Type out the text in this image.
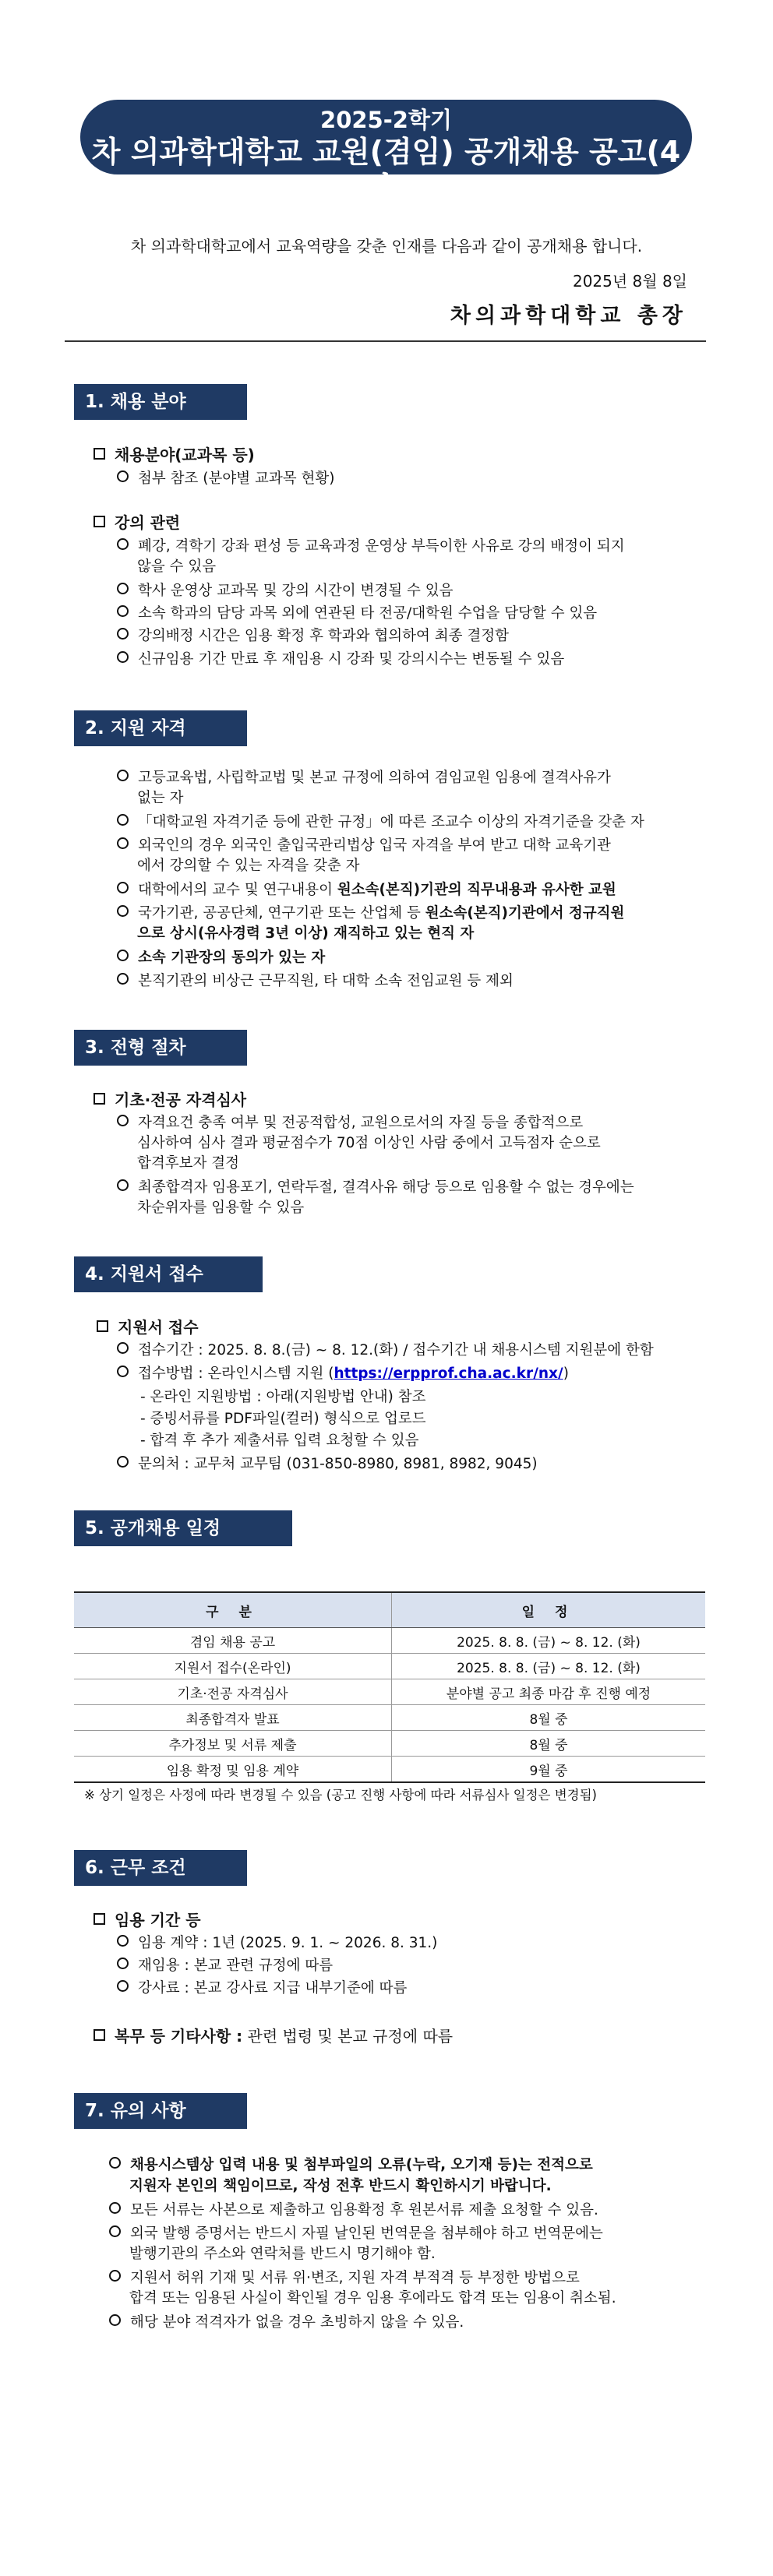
2025-2학기
차 의과학대학교 교원(겸임) 공개채용 공고(4차)
차 의과학대학교에서 교육역량을 갖춘 인재를 다음과 같이 공개채용 합니다.
2025년 8월 8일
차의과학대학교 총장
1. 채용 분야
채용분야(교과목 등)
첨부 참조 (분야별 교과목 현황)
강의 관련
폐강, 격학기 강좌 편성 등 교육과정 운영상 부득이한 사유로 강의 배정이 되지
않을 수 있음
학사 운영상 교과목 및 강의 시간이 변경될 수 있음
소속 학과의 담당 과목 외에 연관된 타 전공/대학원 수업을 담당할 수 있음
강의배정 시간은 임용 확정 후 학과와 협의하여 최종 결정함
신규임용 기간 만료 후 재임용 시 강좌 및 강의시수는 변동될 수 있음
2. 지원 자격
고등교육법, 사립학교법 및 본교 규정에 의하여 겸임교원 임용에 결격사유가
없는 자
「대학교원 자격기준 등에 관한 규정」에 따른 조교수 이상의 자격기준을 갖춘 자
외국인의 경우 외국인 출입국관리법상 입국 자격을 부여 받고 대학 교육기관
에서 강의할 수 있는 자격을 갖춘 자
대학에서의 교수 및 연구내용이 원소속(본직)기관의 직무내용과 유사한 교원
국가기관, 공공단체, 연구기관 또는 산업체 등 원소속(본직)기관에서 정규직원
으로 상시(유사경력 3년 이상) 재직하고 있는 현직 자
소속 기관장의 동의가 있는 자
본직기관의 비상근 근무직원, 타 대학 소속 전임교원 등 제외
3. 전형 절차
기초·전공 자격심사
자격요건 충족 여부 및 전공적합성, 교원으로서의 자질 등을 종합적으로
심사하여 심사 결과 평균점수가 70점 이상인 사람 중에서 고득점자 순으로
합격후보자 결정
최종합격자 임용포기, 연락두절, 결격사유 해당 등으로 임용할 수 없는 경우에는
차순위자를 임용할 수 있음
4. 지원서 접수
지원서 접수
접수기간 : 2025. 8. 8.(금) ~ 8. 12.(화) / 접수기간 내 채용시스템 지원분에 한함
접수방법 : 온라인시스템 지원 (https://erpprof.cha.ac.kr/nx/)
- 온라인 지원방법 : 아래(지원방법 안내) 참조
- 증빙서류를 PDF파일(컬러) 형식으로 업로드
- 합격 후 추가 제출서류 입력 요청할 수 있음
문의처 : 교무처 교무팀 (031-850-8980, 8981, 8982, 9045)
5. 공개채용 일정
구 분	일 정
겸임 채용 공고	2025. 8. 8. (금) ~ 8. 12. (화)
지원서 접수(온라인)	2025. 8. 8. (금) ~ 8. 12. (화)
기초·전공 자격심사	분야별 공고 최종 마감 후 진행 예정
최종합격자 발표	8월 중
추가정보 및 서류 제출	8월 중
임용 확정 및 임용 계약	9월 중
※ 상기 일정은 사정에 따라 변경될 수 있음 (공고 진행 사항에 따라 서류심사 일정은 변경됨)
6. 근무 조건
임용 기간 등
임용 계약 : 1년 (2025. 9. 1. ~ 2026. 8. 31.)
재임용 : 본교 관련 규정에 따름
강사료 : 본교 강사료 지급 내부기준에 따름
복무 등 기타사항 : 관련 법령 및 본교 규정에 따름
7. 유의 사항
채용시스템상 입력 내용 및 첨부파일의 오류(누락, 오기재 등)는 전적으로
지원자 본인의 책임이므로, 작성 전후 반드시 확인하시기 바랍니다.
모든 서류는 사본으로 제출하고 임용확정 후 원본서류 제출 요청할 수 있음.
외국 발행 증명서는 반드시 자필 날인된 번역문을 첨부해야 하고 번역문에는
발행기관의 주소와 연락처를 반드시 명기해야 함.
지원서 허위 기재 및 서류 위·변조, 지원 자격 부적격 등 부정한 방법으로
합격 또는 임용된 사실이 확인될 경우 임용 후에라도 합격 또는 임용이 취소됨.
해당 분야 적격자가 없을 경우 초빙하지 않을 수 있음.
